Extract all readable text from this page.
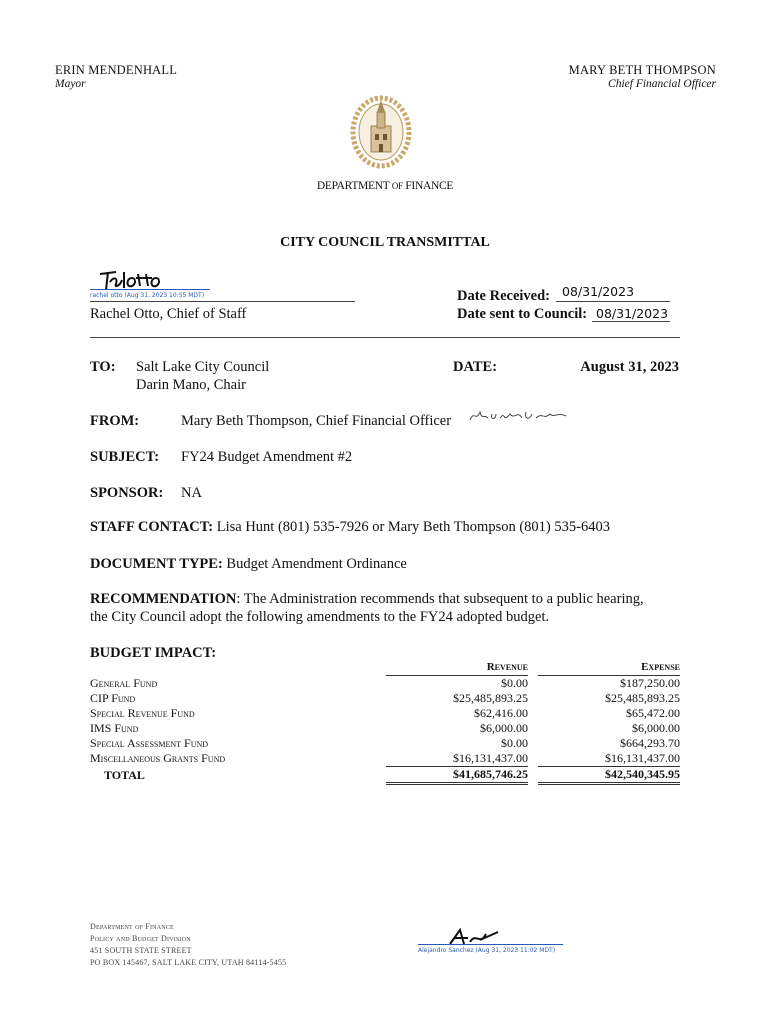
ERIN MENDENHALL
Mayor
MARY BETH THOMPSON
Chief Financial Officer
DEPARTMENT OF FINANCE
CITY COUNCIL TRANSMITTAL
rachel otto (Aug 31, 2023 10:55 MDT)
Rachel Otto, Chief of Staff
Date Received: 08/31/2023
Date sent to Council: 08/31/2023
TO: Salt Lake City Council
Darin Mano, Chair
DATE:	August 31, 2023
FROM:	Mary Beth Thompson, Chief Financial Officer
SUBJECT: FY24 Budget Amendment #2
SPONSOR: NA
STAFF CONTACT: Lisa Hunt (801) 535-7926 or Mary Beth Thompson (801) 535-6403
DOCUMENT TYPE: Budget Amendment Ordinance
RECOMMENDATION: The Administration recommends that subsequent to a public hearing,
the City Council adopt the following amendments to the FY24 adopted budget.
BUDGET IMPACT:
	Revenue		Expense
General Fund	$0.00		$187,250.00
CIP Fund	$25,485,893.25		$25,485,893.25
Special Revenue Fund	$62,416.00		$65,472.00
IMS Fund	$6,000.00		$6,000.00
Special Assessment Fund	$0.00		$664,293.70
Miscellaneous Grants Fund	$16,131,437.00		$16,131,437.00
TOTAL	$41,685,746.25		$42,540,345.95
Department of Finance
Policy and Budget Division
451 SOUTH STATE STREET
PO BOX 145467, SALT LAKE CITY, UTAH 84114-5455
Alejandro Sanchez (Aug 31, 2023 11:02 MDT)
